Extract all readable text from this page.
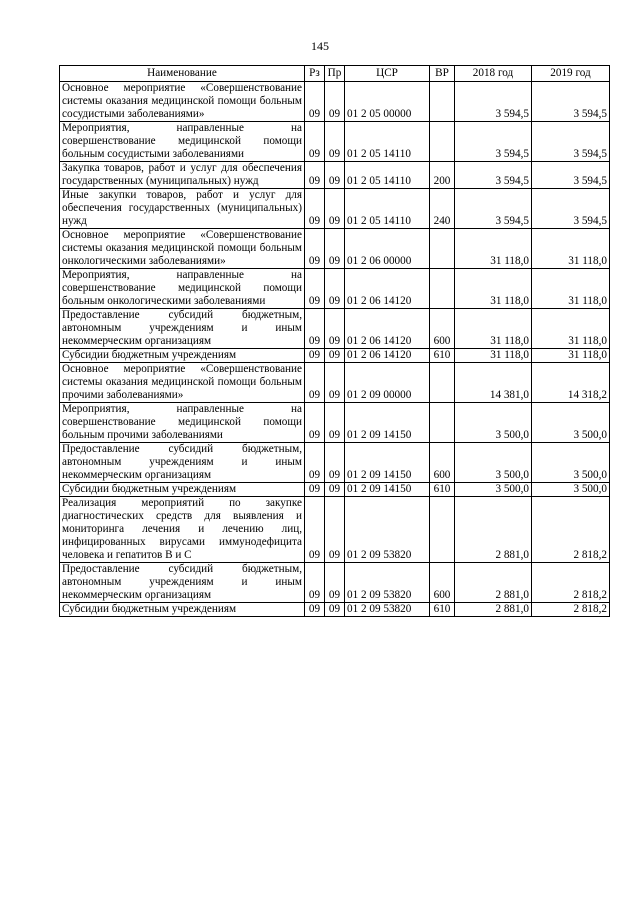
145
Наименование	Рз	Пр	ЦСР	ВР	2018 год	2019 год
Основное мероприятие «Совершенствование системы оказания медицинской помощи больным сосудистыми заболеваниями»	09	09	01 2 05 00000		3 594,5	3 594,5
Мероприятия, направленные на совершенствование медицинской помощи больным сосудистыми заболеваниями	09	09	01 2 05 14110		3 594,5	3 594,5
Закупка товаров, работ и услуг для обеспечения государственных (муниципальных) нужд	09	09	01 2 05 14110	200	3 594,5	3 594,5
Иные закупки товаров, работ и услуг для обеспечения государственных (муниципальных) нужд	09	09	01 2 05 14110	240	3 594,5	3 594,5
Основное мероприятие «Совершенствование системы оказания медицинской помощи больным онкологическими заболеваниями»	09	09	01 2 06 00000		31 118,0	31 118,0
Мероприятия, направленные на совершенствование медицинской помощи больным онкологическими заболеваниями	09	09	01 2 06 14120		31 118,0	31 118,0
Предоставление субсидий бюджетным, автономным учреждениям и иным некоммерческим организациям	09	09	01 2 06 14120	600	31 118,0	31 118,0
Субсидии бюджетным учреждениям	09	09	01 2 06 14120	610	31 118,0	31 118,0
Основное мероприятие «Совершенствование системы оказания медицинской помощи больным прочими заболеваниями»	09	09	01 2 09 00000		14 381,0	14 318,2
Мероприятия, направленные на совершенствование медицинской помощи больным прочими заболеваниями	09	09	01 2 09 14150		3 500,0	3 500,0
Предоставление субсидий бюджетным, автономным учреждениям и иным некоммерческим организациям	09	09	01 2 09 14150	600	3 500,0	3 500,0
Субсидии бюджетным учреждениям	09	09	01 2 09 14150	610	3 500,0	3 500,0
Реализация мероприятий по закупке диагностических средств для выявления и мониторинга лечения и лечению лиц, инфицированных вирусами иммунодефицита человека и гепатитов В и С	09	09	01 2 09 53820		2 881,0	2 818,2
Предоставление субсидий бюджетным, автономным учреждениям и иным некоммерческим организациям	09	09	01 2 09 53820	600	2 881,0	2 818,2
Субсидии бюджетным учреждениям	09	09	01 2 09 53820	610	2 881,0	2 818,2
